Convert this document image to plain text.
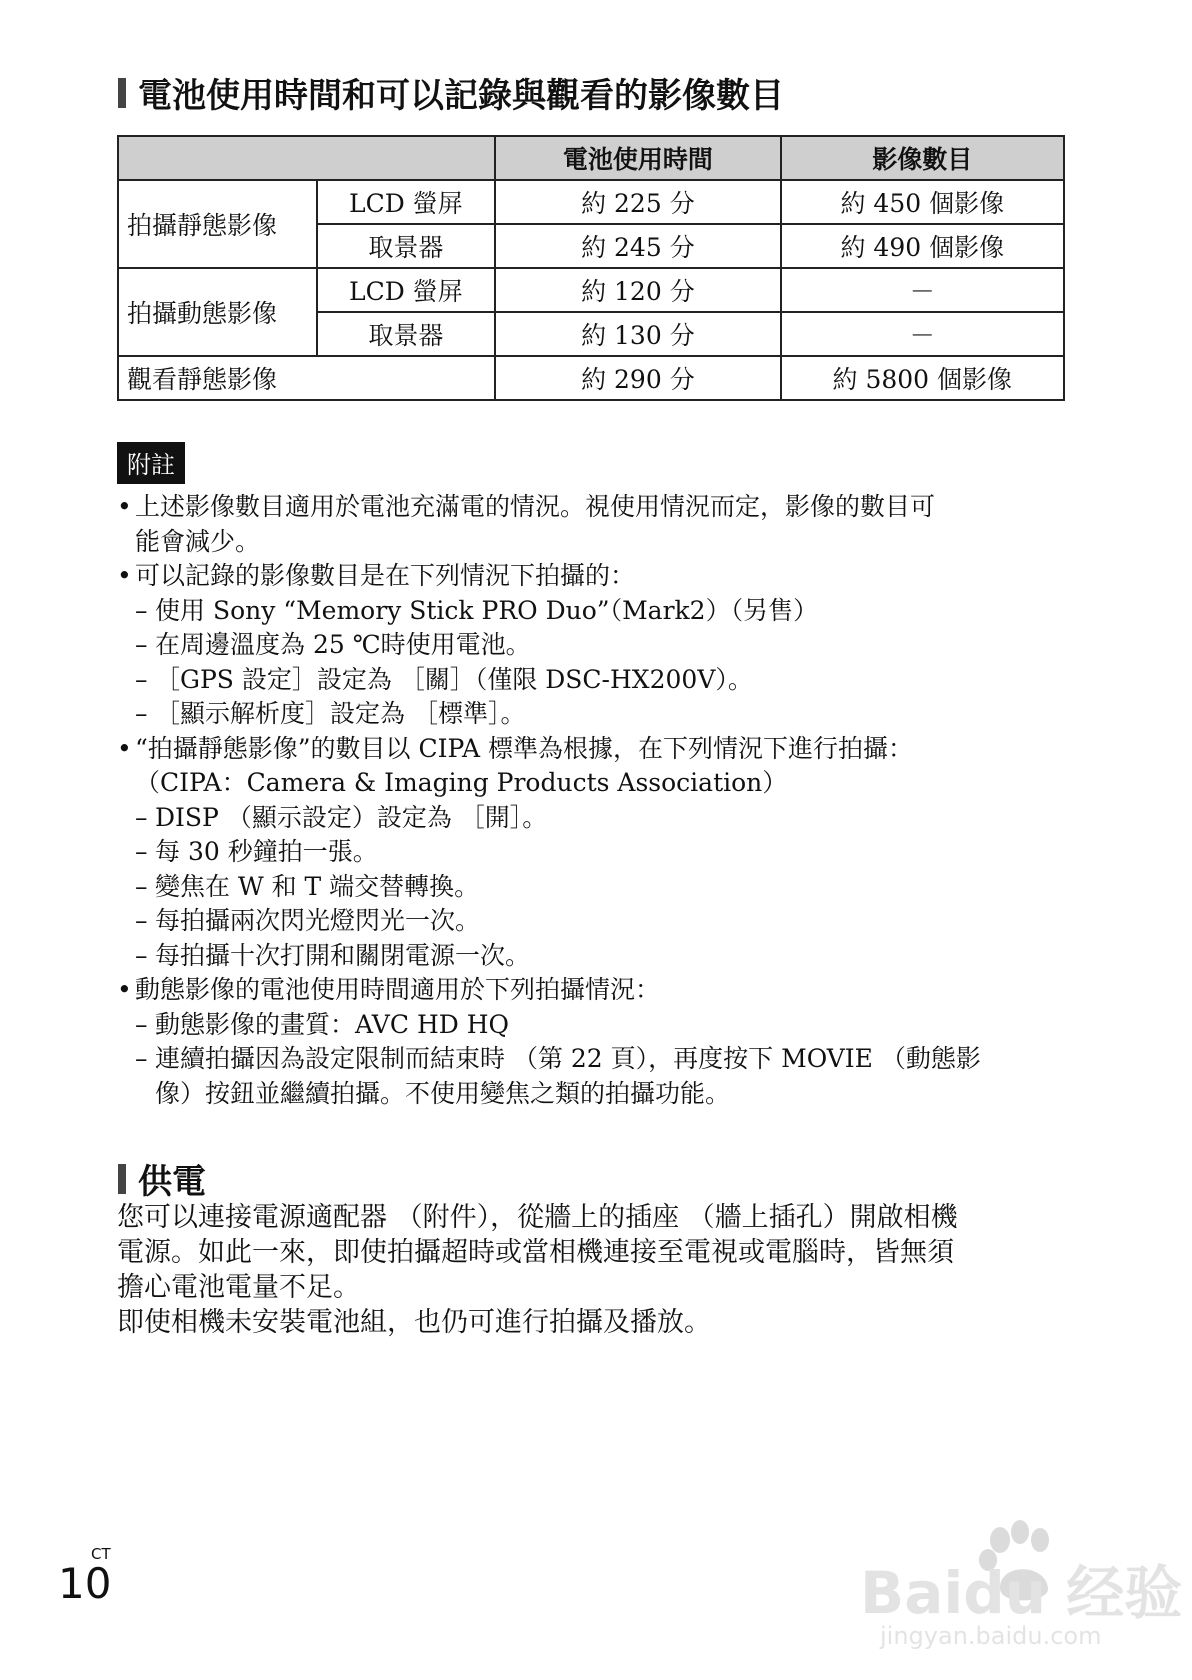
電池使用時間和可以記錄與觀看的影像數目
		電池使用時間	影像數目
拍攝靜態影像	LCD 螢屏	約 225 分	約 450 個影像
	取景器	約 245 分	約 490 個影像
拍攝動態影像	LCD 螢屏	約 120 分	－
	取景器	約 130 分	－
觀看靜態影像		約 290 分	約 5800 個影像
附註
• 上述影像數目適用於電池充滿電的情況。視使用情況而定，影像的數目可
能會減少。
• 可以記錄的影像數目是在下列情況下拍攝的：
– 使用 Sony “Memory Stick PRO Duo”（Mark2）（另售）
– 在周邊溫度為 25 ℃時使用電池。
– ［GPS 設定］設定為 ［關］（僅限 DSC-HX200V）。
– ［顯示解析度］設定為 ［標準］。
• “拍攝靜態影像”的數目以 CIPA 標準為根據，在下列情況下進行拍攝：
（CIPA：Camera & Imaging Products Association）
– DISP （顯示設定）設定為 ［開］。
– 每 30 秒鐘拍一張。
– 變焦在 W 和 T 端交替轉換。
– 每拍攝兩次閃光燈閃光一次。
– 每拍攝十次打開和關閉電源一次。
• 動態影像的電池使用時間適用於下列拍攝情況：
– 動態影像的畫質：AVC HD HQ
– 連續拍攝因為設定限制而結束時 （第 22 頁），再度按下 MOVIE （動態影
像）按鈕並繼續拍攝。不使用變焦之類的拍攝功能。
供電
您可以連接電源適配器 （附件），從牆上的插座 （牆上插孔）開啟相機
電源。如此一來，即使拍攝超時或當相機連接至電視或電腦時，皆無須
擔心電池電量不足。
即使相機未安裝電池組，也仍可進行拍攝及播放。
CT
10	Baidu 经验
jingyan.baidu.com
